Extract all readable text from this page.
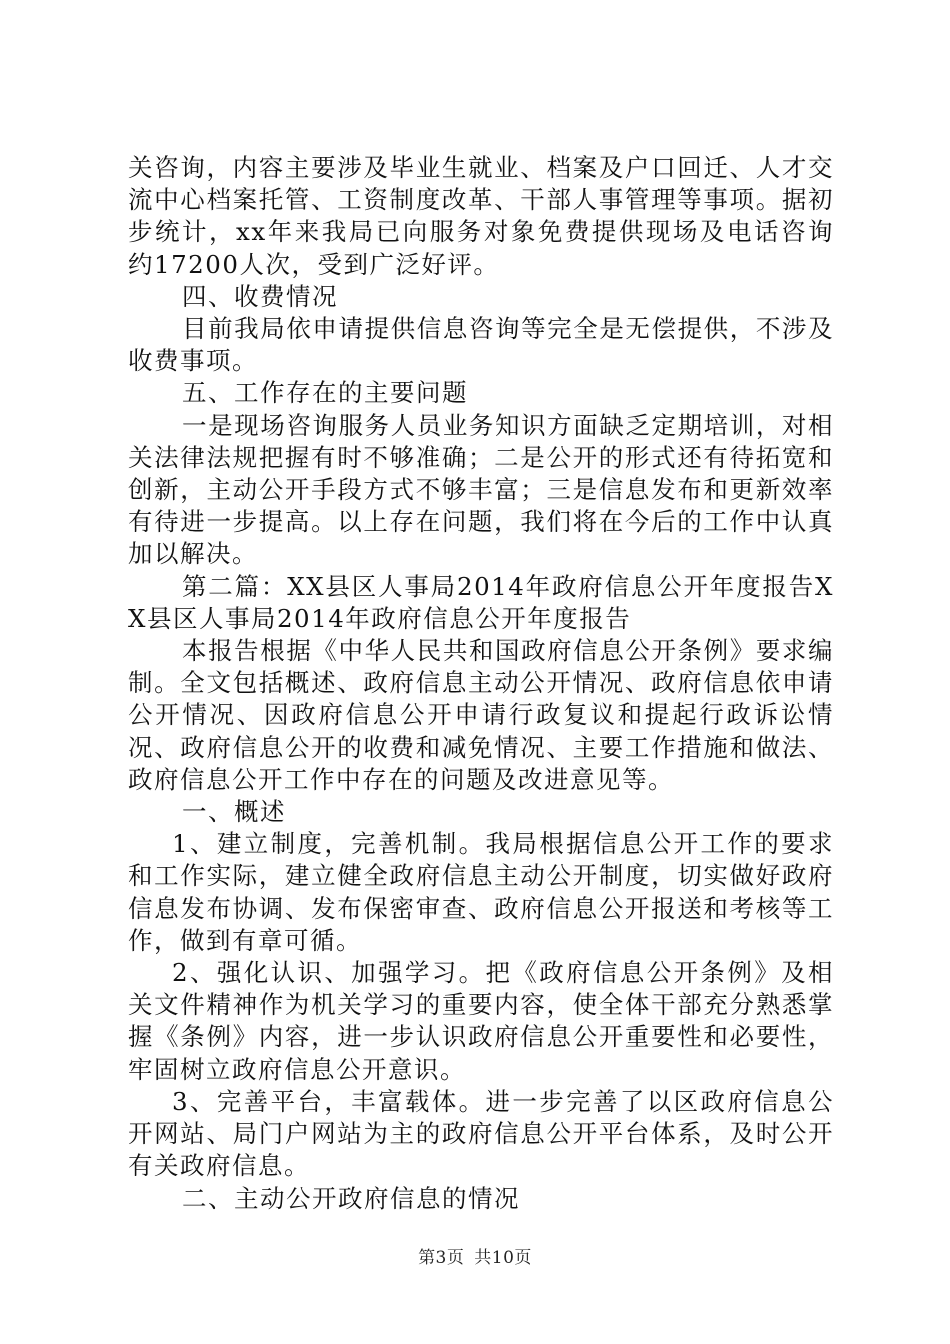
关咨询，内容主要涉及毕业生就业、档案及户口回迁、人才交流中心档案托管、工资制度改革、干部人事管理等事项。据初步统计，xx年来我局已向服务对象免费提供现场及电话咨询约17200人次，受到广泛好评。

四、收费情况

目前我局依申请提供信息咨询等完全是无偿提供，不涉及收费事项。

五、工作存在的主要问题

一是现场咨询服务人员业务知识方面缺乏定期培训，对相关法律法规把握有时不够准确；二是公开的形式还有待拓宽和创新，主动公开手段方式不够丰富；三是信息发布和更新效率有待进一步提高。以上存在问题，我们将在今后的工作中认真加以解决。

第二篇：XX县区人事局2014年政府信息公开年度报告XX县区人事局2014年政府信息公开年度报告

本报告根据《中华人民共和国政府信息公开条例》要求编制。全文包括概述、政府信息主动公开情况、政府信息依申请公开情况、因政府信息公开申请行政复议和提起行政诉讼情况、政府信息公开的收费和减免情况、主要工作措施和做法、政府信息公开工作中存在的问题及改进意见等。

一、概述

1、建立制度，完善机制。我局根据信息公开工作的要求和工作实际，建立健全政府信息主动公开制度，切实做好政府信息发布协调、发布保密审查、政府信息公开报送和考核等工作，做到有章可循。

2、强化认识、加强学习。把《政府信息公开条例》及相关文件精神作为机关学习的重要内容，使全体干部充分熟悉掌握《条例》内容，进一步认识政府信息公开重要性和必要性，牢固树立政府信息公开意识。

3、完善平台，丰富载体。进一步完善了以区政府信息公开网站、局门户网站为主的政府信息公开平台体系，及时公开有关政府信息。

二、主动公开政府信息的情况

第3页 共10页
